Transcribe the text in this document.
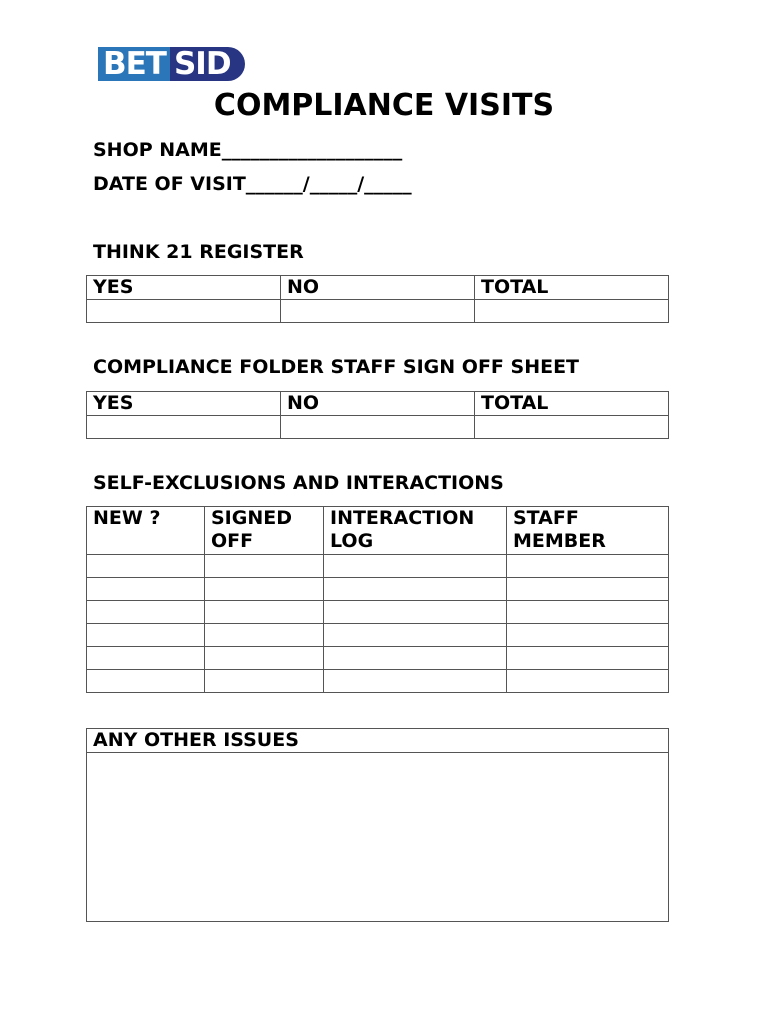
BET SID
COMPLIANCE VISITS
SHOP NAME___________________
DATE OF VISIT______/_____/_____
THINK 21 REGISTER
YES	NO	TOTAL

COMPLIANCE FOLDER STAFF SIGN OFF SHEET
YES	NO	TOTAL

SELF-EXCLUSIONS AND INTERACTIONS
NEW ?	SIGNED OFF	INTERACTION LOG	STAFF MEMBER

ANY OTHER ISSUES
